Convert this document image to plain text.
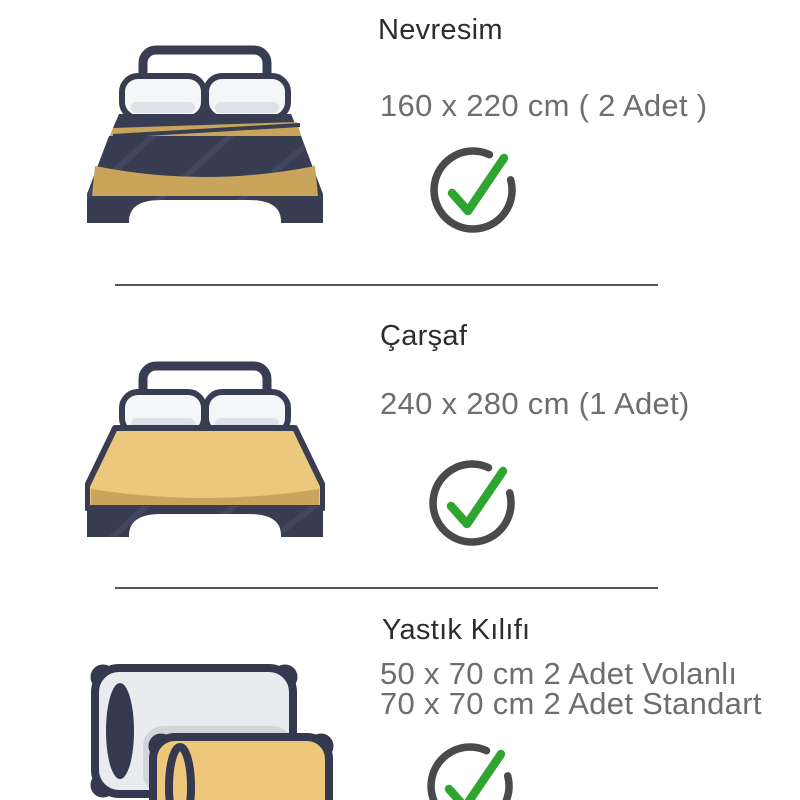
Nevresim
160 x 220 cm ( 2 Adet )
Çarşaf
240 x 280 cm (1 Adet)
Yastık Kılıfı
50 x 70 cm 2 Adet Volanlı
70 x 70 cm 2 Adet Standart
